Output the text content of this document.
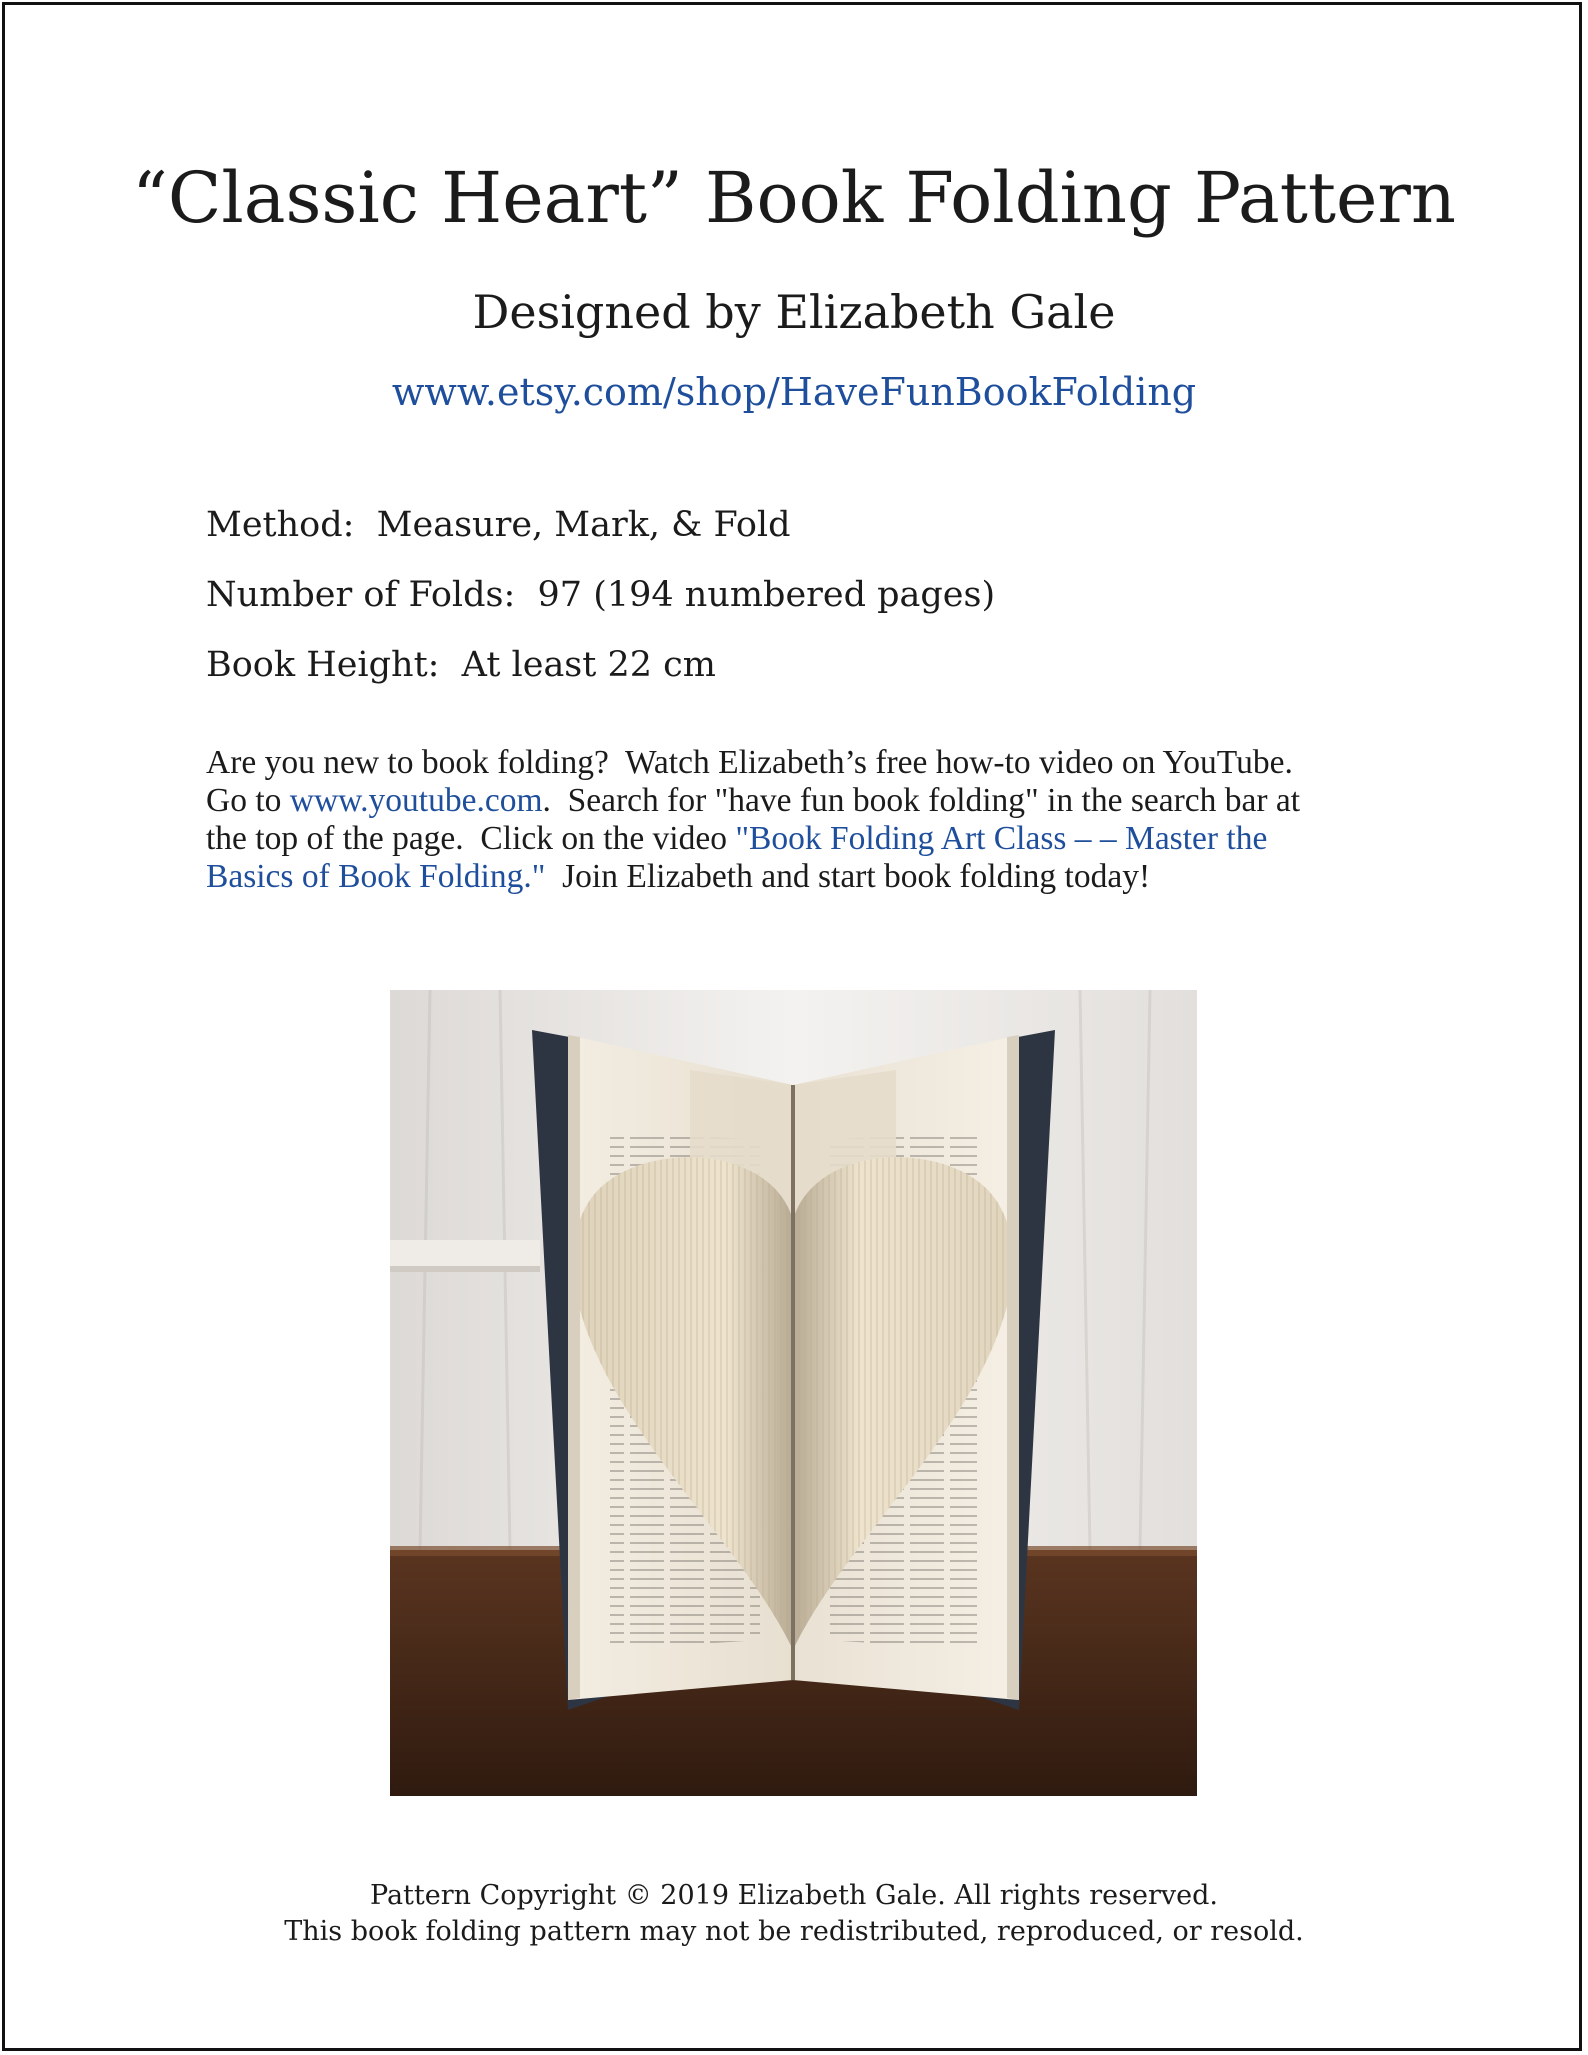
“Classic Heart” Book Folding Pattern
Designed by Elizabeth Gale
www.etsy.com/shop/HaveFunBookFolding
Method:  Measure, Mark, & Fold
Number of Folds:  97 (194 numbered pages)
Book Height:  At least 22 cm
Are you new to book folding?  Watch Elizabeth’s free how-to video on YouTube.
Go to www.youtube.com.  Search for "have fun book folding" in the search bar at
the top of the page.  Click on the video "Book Folding Art Class – – Master the
Basics of Book Folding."  Join Elizabeth and start book folding today!
Pattern Copyright © 2019 Elizabeth Gale. All rights reserved.
This book folding pattern may not be redistributed, reproduced, or resold.
